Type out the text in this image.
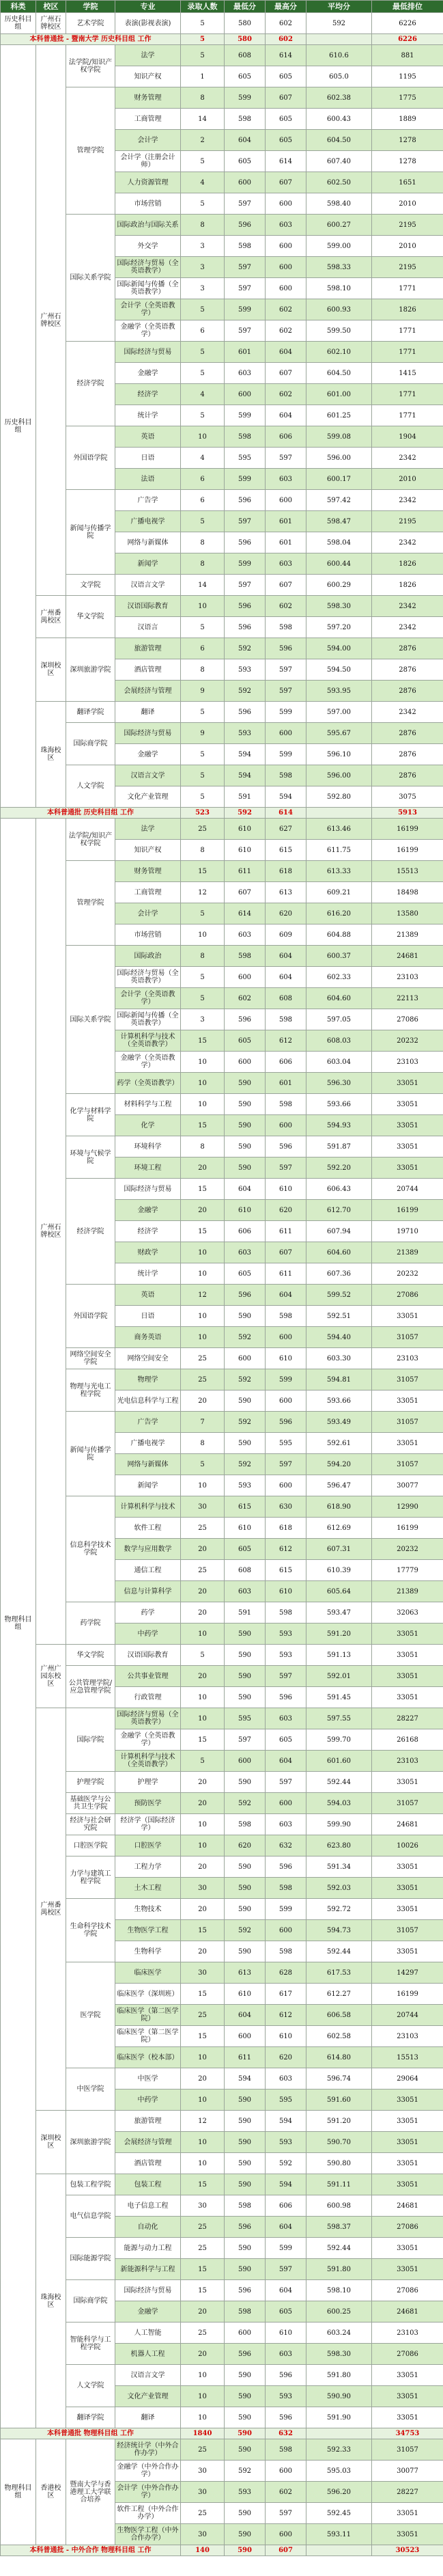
科类	校区	学院	专业	录取人数	最低分	最高分	平均分	最低排位
历史科目组	广州石牌校区	艺术学院	表演(影视表演)	5	580	602	592	6226
本科普通批 - 暨南大学 历史科目组 工作				5	580	602		6226
历史科目组	广州石牌校区	法学院/知识产权学院	法学	5	608	614	610.6	881
			知识产权	1	605	605	605.0	1195
		管理学院	财务管理	8	599	607	602.38	1775
			工商管理	14	598	605	600.43	1889
			会计学	2	604	605	604.50	1278
			会计学（注册会计师）	5	605	614	607.40	1278
			人力资源管理	4	600	607	602.50	1651
			市场营销	5	597	600	598.40	2010
		国际关系学院	国际政治与国际关系	8	596	603	600.27	2195
			外交学	3	598	600	599.00	2010
			国际经济与贸易（全英语教学）	3	597	600	598.33	2195
			国际新闻与传播（全英语教学）	3	597	600	598.10	1771
			会计学（全英语教学）	5	599	602	600.93	1826
			金融学（全英语教学）	6	597	602	599.50	1771
		经济学院	国际经济与贸易	5	601	604	602.10	1771
			金融学	5	603	607	604.50	1415
			经济学	4	600	602	601.00	1771
			统计学	5	599	604	601.25	1771
		外国语学院	英语	10	598	606	599.08	1904
			日语	4	595	597	596.00	2342
			法语	6	599	603	600.17	2010
		新闻与传播学院	广告学	6	596	600	597.42	2342
			广播电视学	5	597	601	598.47	2195
			网络与新媒体	8	596	601	598.04	2342
			新闻学	8	599	603	600.44	1826
		文学院	汉语言文学	14	597	607	600.29	1826
	广州番禺校区	华文学院	汉语国际教育	10	596	602	598.30	2342
			汉语言	5	596	598	597.20	2342
	深圳校区	深圳旅游学院	旅游管理	6	592	596	594.00	2876
			酒店管理	8	593	597	594.50	2876
			会展经济与管理	9	592	597	593.95	2876
	珠海校区	翻译学院	翻译	5	596	599	597.00	2342
		国际商学院	国际经济与贸易	9	593	600	595.67	2876
			金融学	5	594	599	596.10	2876
		人文学院	汉语言文学	5	594	598	596.00	2876
			文化产业管理	5	591	594	592.80	3075
本科普通批 历史科目组 工作				523	592	614		5913
物理科目组	广州石牌校区	法学院/知识产权学院	法学	25	610	627	613.46	16199
			知识产权	8	610	615	611.75	16199
		管理学院	财务管理	15	611	618	613.33	15513
			工商管理	12	607	613	609.21	18498
			会计学	5	614	620	616.20	13580
			市场营销	10	603	609	604.88	21389
		国际关系学院	国际政治	8	598	604	600.37	24681
			国际经济与贸易（全英语教学）	5	600	604	602.33	23103
			会计学（全英语教学）	5	602	608	604.60	22113
			国际新闻与传播（全英语教学）	3	596	598	597.05	27086
			计算机科学与技术（全英语教学）	15	605	612	608.03	20232
			金融学（全英语教学）	10	600	606	603.04	23103
			药学（全英语教学）	10	590	601	596.30	33051
		化学与材料学院	材料科学与工程	10	590	598	593.66	33051
			化学	15	590	600	594.93	33051
		环境与气候学院	环境科学	8	590	596	591.87	33051
			环境工程	20	590	597	592.20	33051
		经济学院	国际经济与贸易	15	604	610	606.43	20744
			金融学	20	610	620	612.70	16199
			经济学	15	606	611	607.94	19710
			财政学	10	603	607	604.60	21389
			统计学	10	605	611	607.36	20232
		外国语学院	英语	12	596	604	599.52	27086
			日语	10	590	598	592.51	33051
			商务英语	10	592	600	594.40	31057
		网络空间安全学院	网络空间安全	25	600	610	603.30	23103
		物理与光电工程学院	物理学	25	592	599	594.81	31057
			光电信息科学与工程	20	590	600	593.66	33051
		新闻与传播学院	广告学	7	592	596	593.49	31057
			广播电视学	8	590	595	592.61	33051
			网络与新媒体	5	592	597	594.20	31057
			新闻学	10	593	600	596.47	30077
		信息科学技术学院	计算机科学与技术	30	615	630	618.90	12990
			软件工程	25	610	618	612.69	16199
			数学与应用数学	20	605	612	607.31	20232
			通信工程	25	608	615	610.39	17779
			信息与计算科学	20	603	610	605.64	21389
		药学院	药学	20	591	598	593.47	32063
			中药学	10	590	593	591.20	33051
	广州广园东校区	华文学院	汉语国际教育	5	590	593	591.13	33051
		公共管理学院/应急管理学院	公共事业管理	20	590	597	592.01	33051
			行政管理	10	590	596	591.45	33051
	广州番禺校区	国际学院	国际经济与贸易（全英语教学）	10	595	603	597.55	28227
			金融学（全英语教学）	15	597	605	599.70	26168
			计算机科学与技术（全英语教学）	5	600	604	601.60	23103
		护理学院	护理学	20	590	597	592.44	33051
		基础医学与公共卫生学院	预防医学	20	592	600	594.03	31057
		经济与社会研究院	经济学（国际经济学）	10	598	603	599.90	24681
		口腔医学院	口腔医学	10	620	632	623.80	10026
		力学与建筑工程学院	工程力学	20	590	596	591.34	33051
			土木工程	30	590	598	592.03	33051
		生命科学技术学院	生物技术	20	590	599	592.72	33051
			生物医学工程	15	592	600	594.73	31057
			生物科学	20	590	598	592.44	33051
		医学院	临床医学	30	613	628	617.53	14297
			临床医学（深圳班）	15	610	617	612.27	16199
			临床医学（第二医学院）	25	604	612	606.58	20744
			临床医学（第二医学院）	15	600	610	602.58	23103
			临床医学（校本部）	10	611	620	614.80	15513
		中医学院	中医学	20	594	603	596.74	29064
			中药学	10	590	595	591.60	33051
	深圳校区	深圳旅游学院	旅游管理	12	590	594	591.20	33051
			会展经济与管理	10	590	593	590.70	33051
			酒店管理	10	590	592	590.80	33051
	珠海校区	包装工程学院	包装工程	15	590	594	591.11	33051
		电气信息学院	电子信息工程	30	598	606	600.98	24681
			自动化	25	596	604	598.37	27086
		国际能源学院	能源与动力工程	25	590	599	592.44	33051
			新能源科学与工程	15	590	597	591.80	33051
		国际商学院	国际经济与贸易	15	596	604	598.10	27086
			金融学	20	598	605	600.25	24681
		智能科学与工程学院	人工智能	25	600	610	603.24	23103
			机器人工程	20	596	603	598.30	27086
		人文学院	汉语言文学	10	590	596	591.80	33051
			文化产业管理	10	590	593	590.90	33051
		翻译学院	翻译	10	590	596	591.90	33051
本科普通批 物理科目组 工作				1840	590	632		34753
物理科目组	香港校区	暨南大学与香港理工大学联合培养	经济统计学（中外合作办学）	25	590	598	592.33	31057
			金融学（中外合作办学）	30	592	600	595.03	30077
			会计学（中外合作办学）	30	593	602	596.20	28227
			软件工程（中外合作办学）	25	590	597	592.45	33051
			生物医学工程（中外合作办学）	30	590	600	593.11	33051
本科普通批 - 中外合作 物理科目组 工作				140	590	607		30523
